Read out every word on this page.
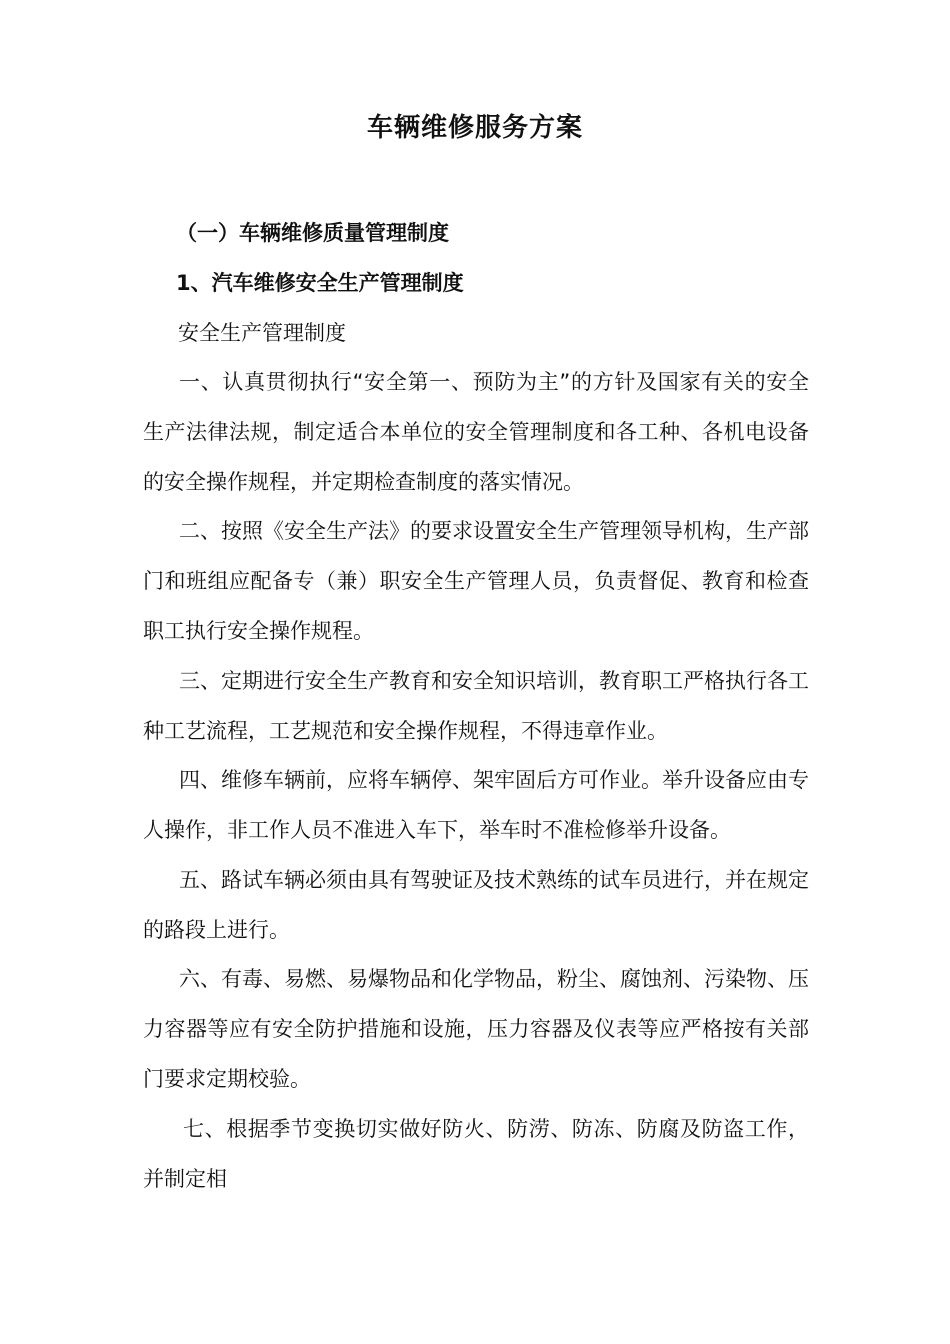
车辆维修服务方案
（一）车辆维修质量管理制度
1、汽车维修安全生产管理制度
安全生产管理制度

一、认真贯彻执行“安全第一、预防为主”的方针及国家有关的安全生产法律法规，制定适合本单位的安全管理制度和各工种、各机电设备的安全操作规程，并定期检查制度的落实情况。

二、按照《安全生产法》的要求设置安全生产管理领导机构，生产部门和班组应配备专（兼）职安全生产管理人员，负责督促、教育和检查职工执行安全操作规程。

三、定期进行安全生产教育和安全知识培训，教育职工严格执行各工种工艺流程，工艺规范和安全操作规程，不得违章作业。

四、维修车辆前，应将车辆停、架牢固后方可作业。举升设备应由专人操作，非工作人员不准进入车下，举车时不准检修举升设备。

五、路试车辆必须由具有驾驶证及技术熟练的试车员进行，并在规定的路段上进行。

六、有毒、易燃、易爆物品和化学物品，粉尘、腐蚀剂、污染物、压力容器等应有安全防护措施和设施，压力容器及仪表等应严格按有关部门要求定期校验。

七、根据季节变换切实做好防火、防涝、防冻、防腐及防盗工作，并制定相
